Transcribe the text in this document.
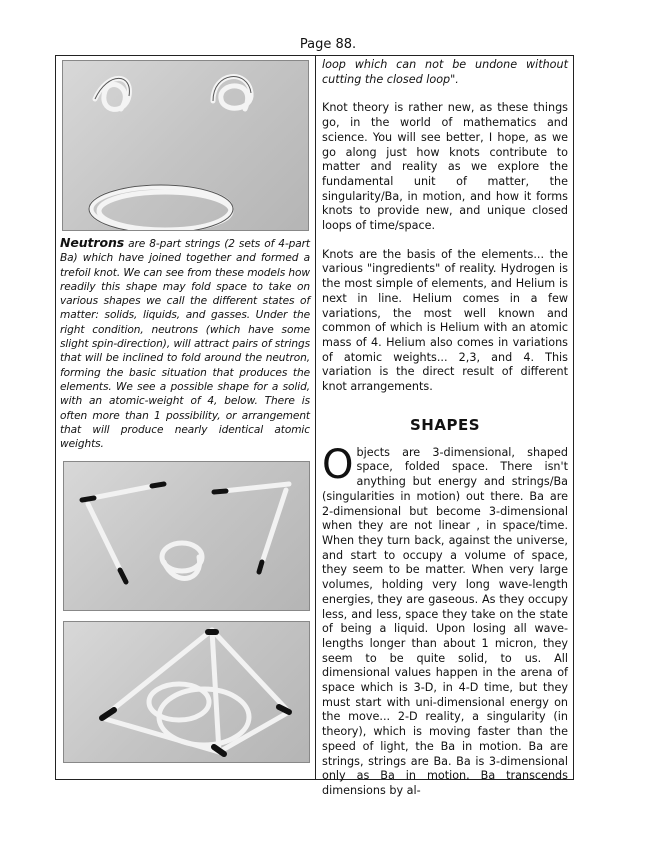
Page 88.
Neutrons are 8-part strings (2 sets of 4-part Ba) which have joined together and formed a trefoil knot. We can see from these models how readily this shape may fold space to take on various shapes we call the different states of matter: solids, liquids, and gasses. Under the right condition, neutrons (which have some slight spin-direction), will attract pairs of strings that will be inclined to fold around the neutron, forming the basic situation that produces the elements. We see a possible shape for a solid, with an atomic-weight of 4, below. There is often more than 1 possibility, or arrangement that will produce nearly identical atomic weights.

loop which can not be undone without cutting the closed loop".

Knot theory is rather new, as these things go, in the world of mathematics and science. You will see better, I hope, as we go along just how knots contribute to matter and reality as we explore the fundamental unit of matter, the singularity/Ba, in motion, and how it forms knots to provide new, and unique closed loops of time/space.

Knots are the basis of the elements... the various "ingredients" of reality. Hydrogen is the most simple of elements, and Helium is next in line. Helium comes in a few variations, the most well known and common of which is Helium with an atomic mass of 4. Helium also comes in variations of atomic weights... 2,3, and 4. This variation is the direct result of different knot arrangements.

SHAPES

Objects are 3-dimensional, shaped space, folded space. There isn't anything but energy and strings/Ba (singularities in motion) out there. Ba are 2-dimensional but become 3-dimensional when they are not linear , in space/time. When they turn back, against the universe, and start to occupy a volume of space, they seem to be matter. When very large volumes, holding very long wave-length energies, they are gaseous. As they occupy less, and less, space they take on the state of being a liquid. Upon losing all wave-lengths longer than about 1 micron, they seem to be quite solid, to us. All dimensional values happen in the arena of space which is 3-D, in 4-D time, but they must start with uni-dimensional energy on the move... 2-D reality, a singularity (in theory), which is moving faster than the speed of light, the Ba in motion. Ba are strings, strings are Ba. Ba is 3-dimensional only as Ba in motion. Ba transcends dimensions by al-
